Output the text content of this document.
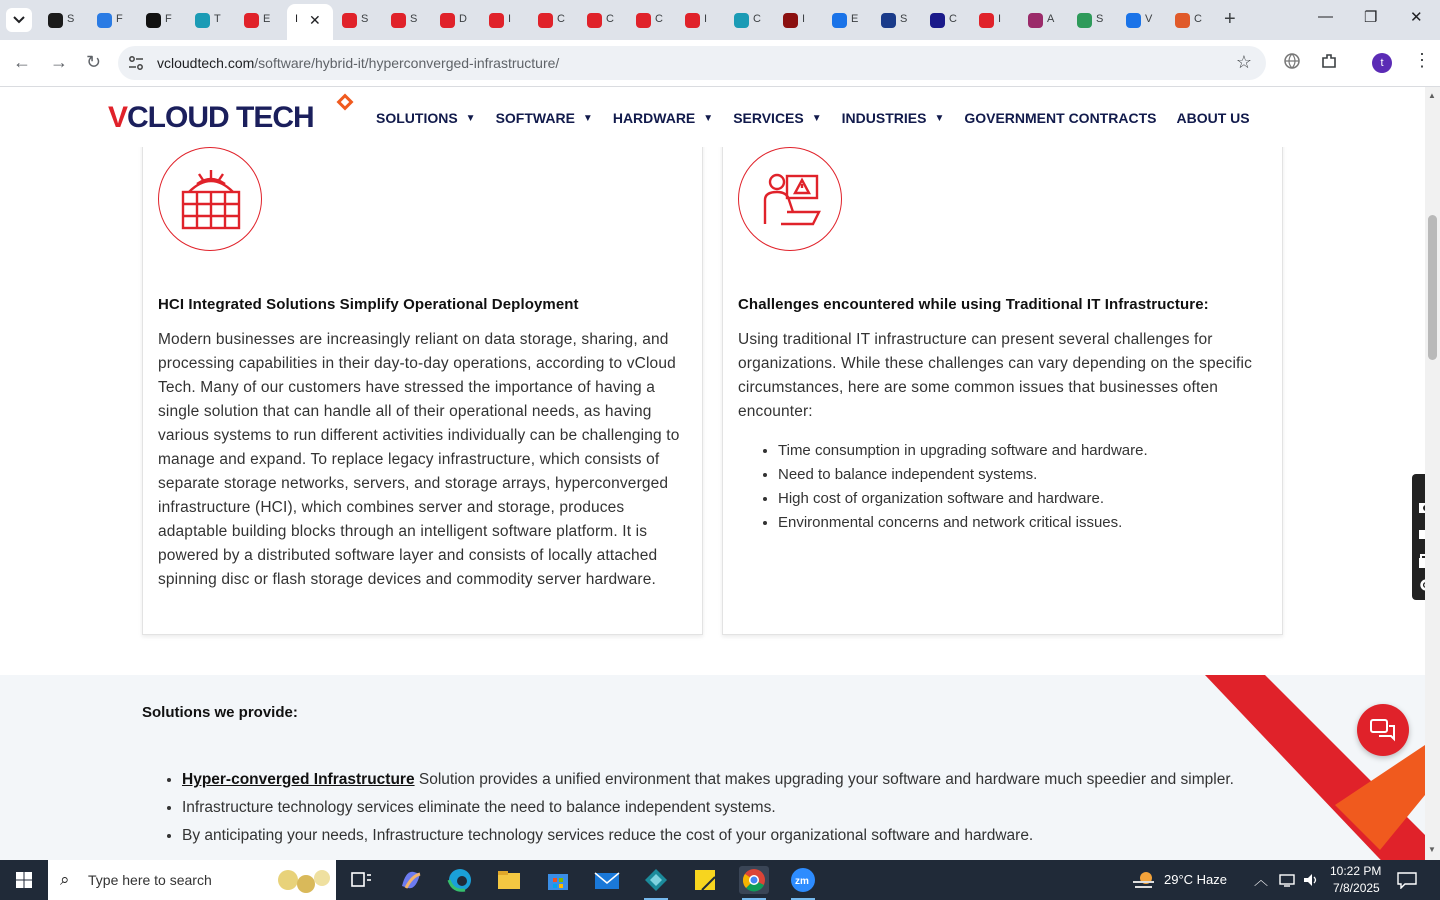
S	F	F	T	E	I ✕	S	S	D	I	C	C	C	I	C	I	E	S	C	I	A	S	V	C +	— ❐ ✕
← → ↻	vcloudtech.com/software/hybrid-it/hyperconverged-infrastructure/	☆	t	⋮
HCI Integrated Solutions Simplify Operational Deployment
Modern businesses are increasingly reliant on data storage, sharing, and processing capabilities in their day-to-day operations, according to vCloud Tech. Many of our customers have stressed the importance of having a single solution that can handle all of their operational needs, as having various systems to run different activities individually can be challenging to manage and expand. To replace legacy infrastructure, which consists of separate storage networks, servers, and storage arrays, hyperconverged infrastructure (HCI), which combines server and storage, produces adaptable building blocks through an intelligent software platform. It is powered by a distributed software layer and consists of locally attached spinning disc or flash storage devices and commodity server hardware.
Challenges encountered while using Traditional IT Infrastructure:
Using traditional IT infrastructure can present several challenges for organizations. While these challenges can vary depending on the specific circumstances, here are some common issues that businesses often encounter:
• Time consumption in upgrading software and hardware.
• Need to balance independent systems.
• High cost of organization software and hardware.
• Environmental concerns and network critical issues.
Solutions we provide:
• Hyper-converged Infrastructure Solution provides a unified environment that makes upgrading your software and hardware much speedier and simpler.
• Infrastructure technology services eliminate the need to balance independent systems.
• By anticipating your needs, Infrastructure technology services reduce the cost of your organizational software and hardware.
VCLOUD TECH	SOLUTIONS ▼ SOFTWARE ▼ HARDWARE ▼ SERVICES ▼ INDUSTRIES ▼ GOVERNMENT CONTRACTS ABOUT US
▲
▼
⌕ Type here to search	zm	29°C Haze ︿
10:22 PM
7/8/2025
